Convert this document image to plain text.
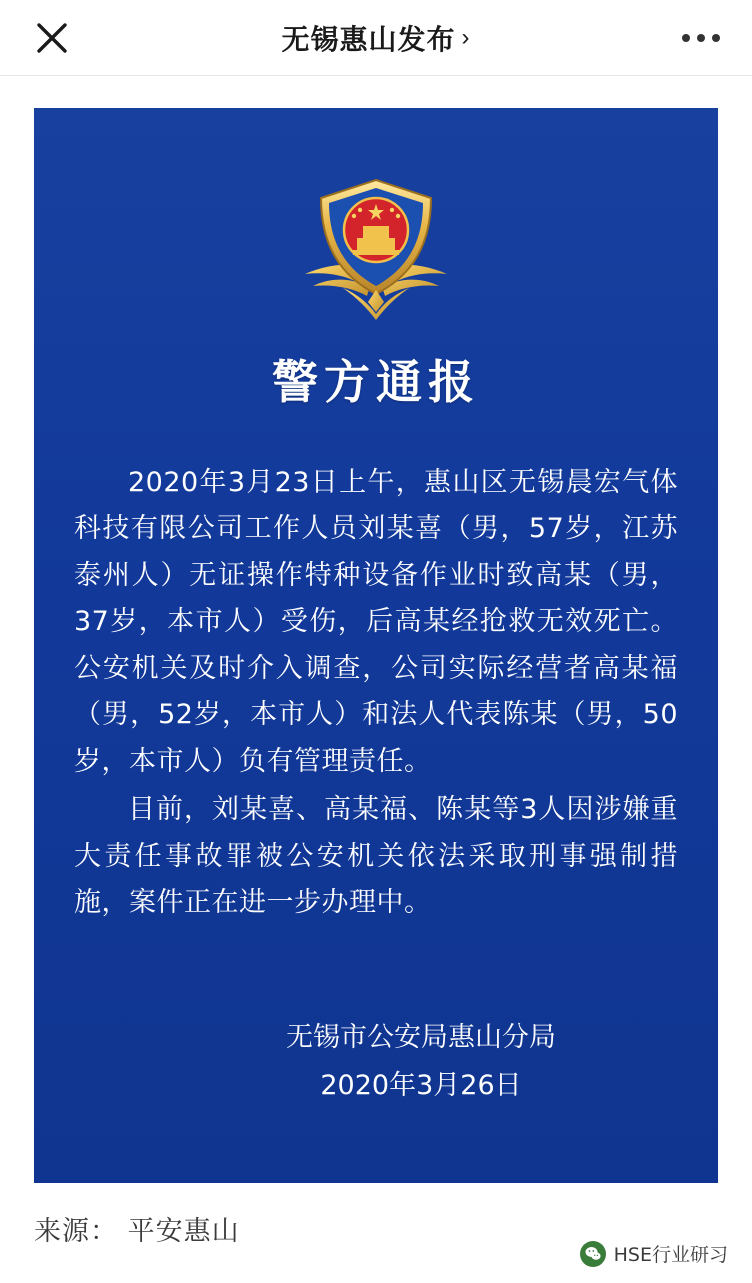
无锡惠山发布 ›
警方通报

2020年3月23日上午，惠山区无锡晨宏气体科技有限公司工作人员刘某喜（男，57岁，江苏泰州人）无证操作特种设备作业时致高某（男，37岁，本市人）受伤，后高某经抢救无效死亡。公安机关及时介入调查，公司实际经营者高某福（男，52岁，本市人）和法人代表陈某（男，50岁，本市人）负有管理责任。

目前，刘某喜、高某福、陈某等3人因涉嫌重大责任事故罪被公安机关依法采取刑事强制措施，案件正在进一步办理中。

无锡市公安局惠山分局
2020年3月26日
来源： 平安惠山
HSE行业研习
